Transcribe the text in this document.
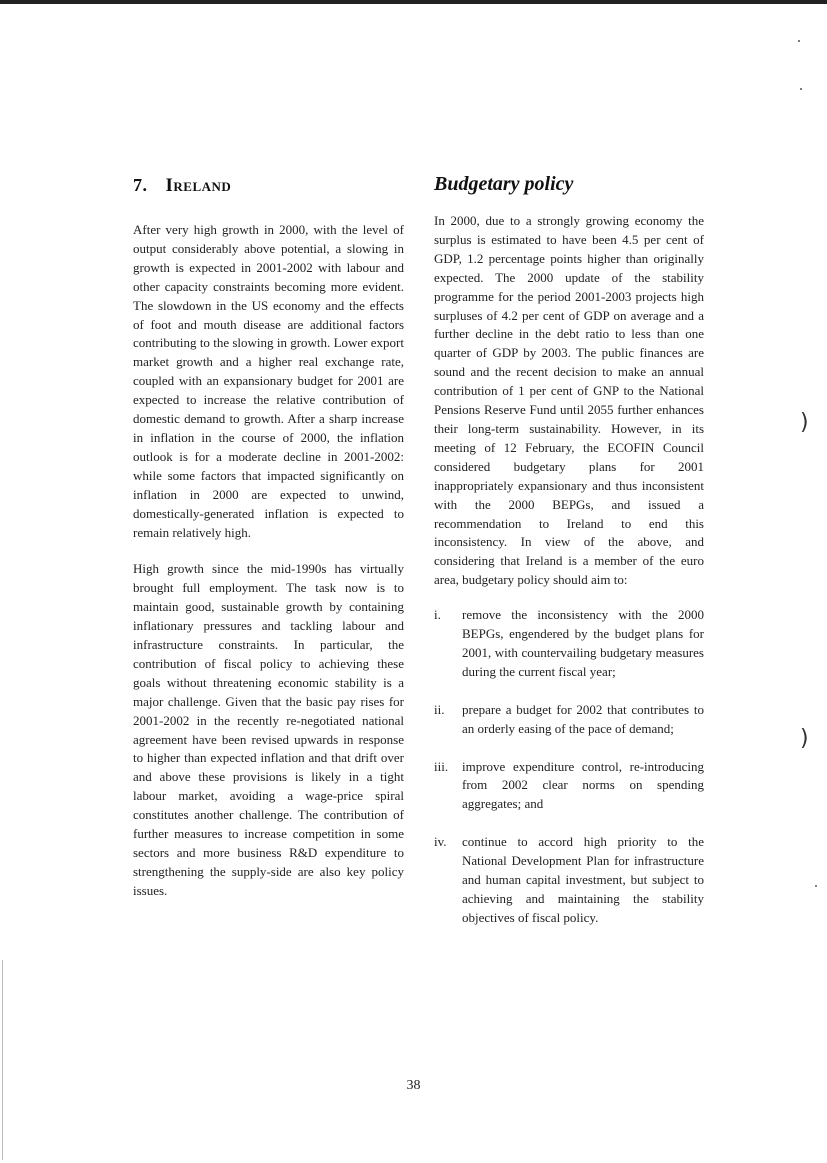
7. Ireland	Budgetary policy

After very high growth in 2000, with the level of output considerably above potential, a slowing in growth is expected in 2001-2002 with labour and other capacity constraints becoming more evident. The slowdown in the US economy and the effects of foot and mouth disease are additional factors contributing to the slowing in growth. Lower export market growth and a higher real exchange rate, coupled with an expansionary budget for 2001 are expected to increase the relative contribution of domestic demand to growth. After a sharp increase in inflation in the course of 2000, the inflation outlook is for a moderate decline in 2001-2002: while some factors that impacted significantly on inflation in 2000 are expected to unwind, domestically-generated inflation is expected to remain relatively high.

High growth since the mid-1990s has virtually brought full employment. The task now is to maintain good, sustainable growth by containing inflationary pressures and tackling labour and infrastructure constraints. In particular, the contribution of fiscal policy to achieving these goals without threatening economic stability is a major challenge. Given that the basic pay rises for 2001-2002 in the recently re-negotiated national agreement have been revised upwards in response to higher than expected inflation and that drift over and above these provisions is likely in a tight labour market, avoiding a wage-price spiral constitutes another challenge. The contribution of further measures to increase competition in some sectors and more business R&D expenditure to strengthening the supply-side are also key policy issues.

In 2000, due to a strongly growing economy the surplus is estimated to have been 4.5 per cent of GDP, 1.2 percentage points higher than originally expected. The 2000 update of the stability programme for the period 2001-2003 projects high surpluses of 4.2 per cent of GDP on average and a further decline in the debt ratio to less than one quarter of GDP by 2003. The public finances are sound and the recent decision to make an annual contribution of 1 per cent of GNP to the National Pensions Reserve Fund until 2055 further enhances their long-term sustainability. However, in its meeting of 12 February, the ECOFIN Council considered budgetary plans for 2001 inappropriately expansionary and thus inconsistent with the 2000 BEPGs, and issued a recommendation to Ireland to end this inconsistency. In view of the above, and considering that Ireland is a member of the euro area, budgetary policy should aim to:

i. remove the inconsistency with the 2000 BEPGs, engendered by the budget plans for 2001, with countervailing budgetary measures during the current fiscal year;
ii. prepare a budget for 2002 that contributes to an orderly easing of the pace of demand;
iii. improve expenditure control, re-introducing from 2002 clear norms on spending aggregates; and
iv. continue to accord high priority to the National Development Plan for infrastructure and human capital investment, but subject to achieving and maintaining the stability objectives of fiscal policy.
38
)
)
